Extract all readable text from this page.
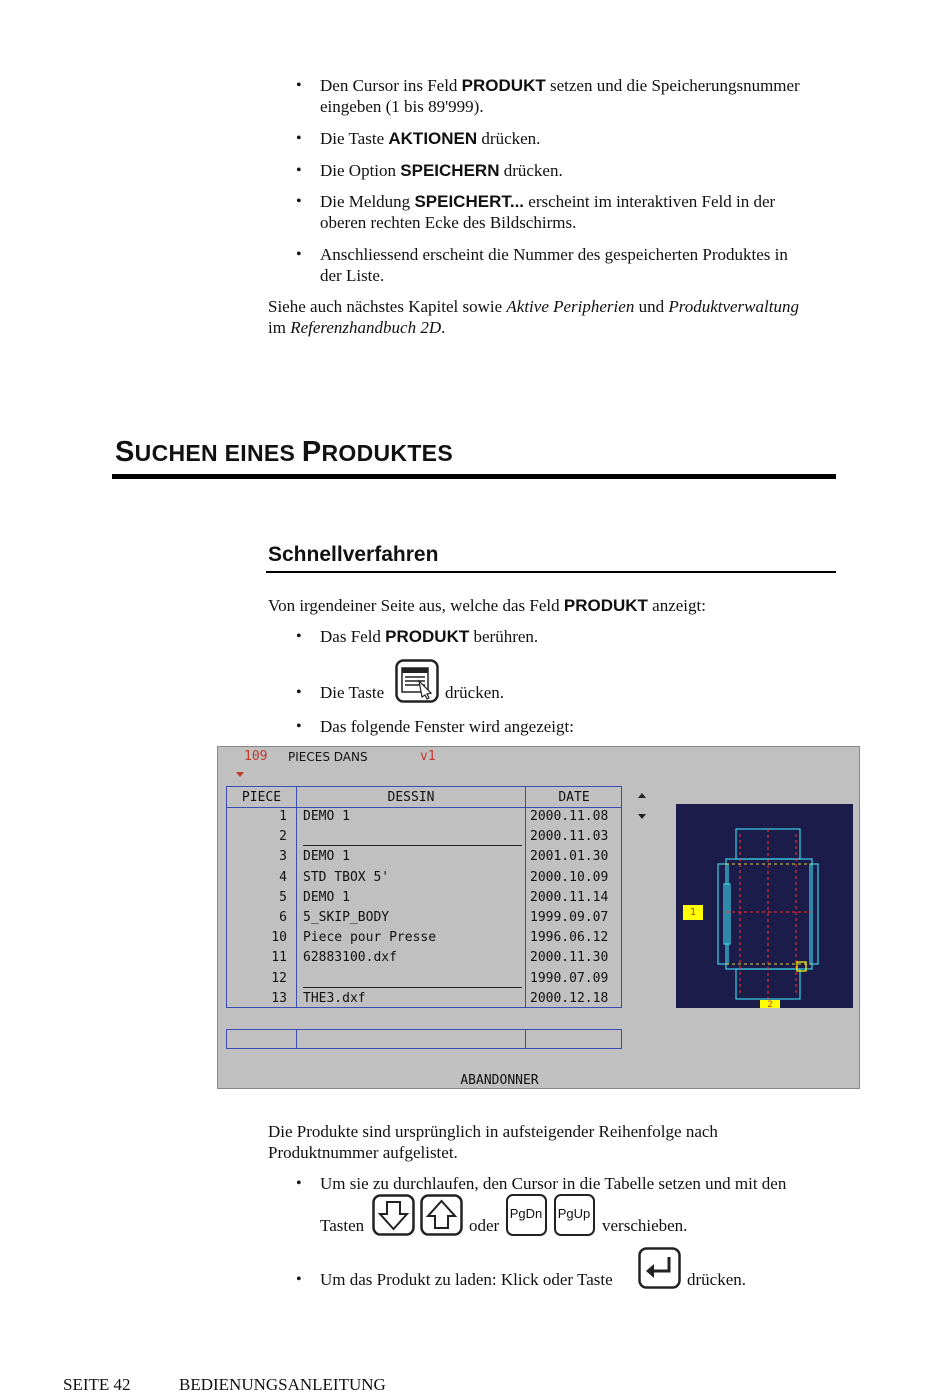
• Den Cursor ins Feld PRODUKT setzen und die Speicherungsnummer
eingeben (1 bis 89'999).
• Die Taste AKTIONEN drücken.
• Die Option SPEICHERN drücken.
• Die Meldung SPEICHERT... erscheint im interaktiven Feld in der
oberen rechten Ecke des Bildschirms.
• Anschliessend erscheint die Nummer des gespeicherten Produktes in
der Liste.
Siehe auch nächstes Kapitel sowie Aktive Peripherien und Produktverwaltung
im Referenzhandbuch 2D.
SUCHEN EINES PRODUKTES
Schnellverfahren
Von irgendeiner Seite aus, welche das Feld PRODUKT anzeigt:
• Das Feld PRODUKT berühren.
• Die Taste	drücken.
• Das folgende Fenster wird angezeigt:
109 PIECES DANS	v1
PIECE	DESSIN	DATE
1 DEMO 1	2000.11.08
2	2000.11.03
3 DEMO 1	2001.01.30
4 STD TBOX 5'	2000.10.09
5 DEMO 1	2000.11.14
6 5_SKIP_BODY	1999.09.07
10 Piece pour Presse	1996.06.12
11 62883100.dxf	2000.11.30
12	1990.07.09
13 THE3.dxf	2000.12.18
1
2
ABANDONNER
Die Produkte sind ursprünglich in aufsteigender Reihenfolge nach
Produktnummer aufgelistet.
• Um sie zu durchlaufen, den Cursor in die Tabelle setzen und mit den
Tasten	oder
PgDn PgUp
verschieben.
• Um das Produkt zu laden: Klick oder Taste	drücken.
SEITE 42	BEDIENUNGSANLEITUNG
